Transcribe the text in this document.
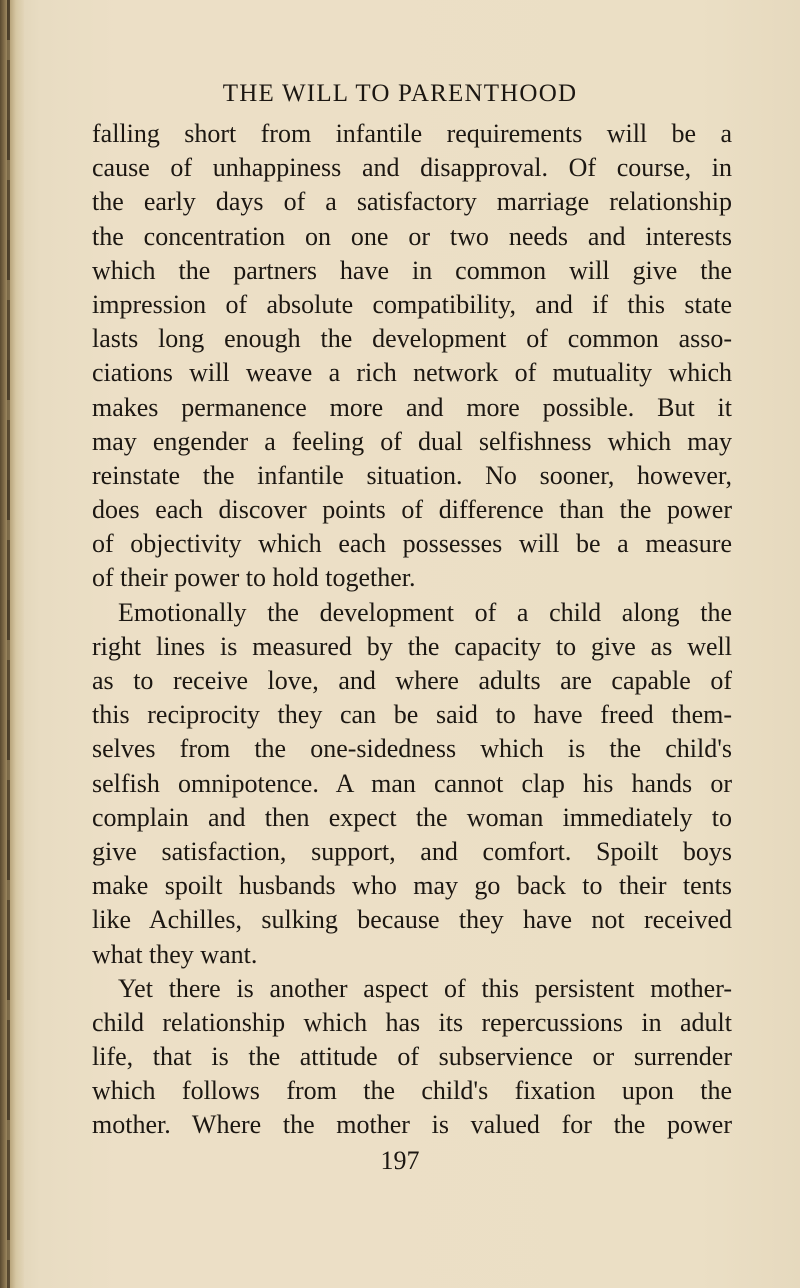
THE WILL TO PARENTHOOD
falling short from infantile requirements will be a
cause of unhappiness and disapproval. Of course, in
the early days of a satisfactory marriage relationship
the concentration on one or two needs and interests
which the partners have in common will give the
impression of absolute compatibility, and if this state
lasts long enough the development of common asso-
ciations will weave a rich network of mutuality which
makes permanence more and more possible. But it
may engender a feeling of dual selfishness which may
reinstate the infantile situation. No sooner, however,
does each discover points of difference than the power
of objectivity which each possesses will be a measure
of their power to hold together.
Emotionally the development of a child along the
right lines is measured by the capacity to give as well
as to receive love, and where adults are capable of
this reciprocity they can be said to have freed them-
selves from the one-sidedness which is the child's
selfish omnipotence. A man cannot clap his hands or
complain and then expect the woman immediately to
give satisfaction, support, and comfort. Spoilt boys
make spoilt husbands who may go back to their tents
like Achilles, sulking because they have not received
what they want.
Yet there is another aspect of this persistent mother-
child relationship which has its repercussions in adult
life, that is the attitude of subservience or surrender
which follows from the child's fixation upon the
mother. Where the mother is valued for the power
197
